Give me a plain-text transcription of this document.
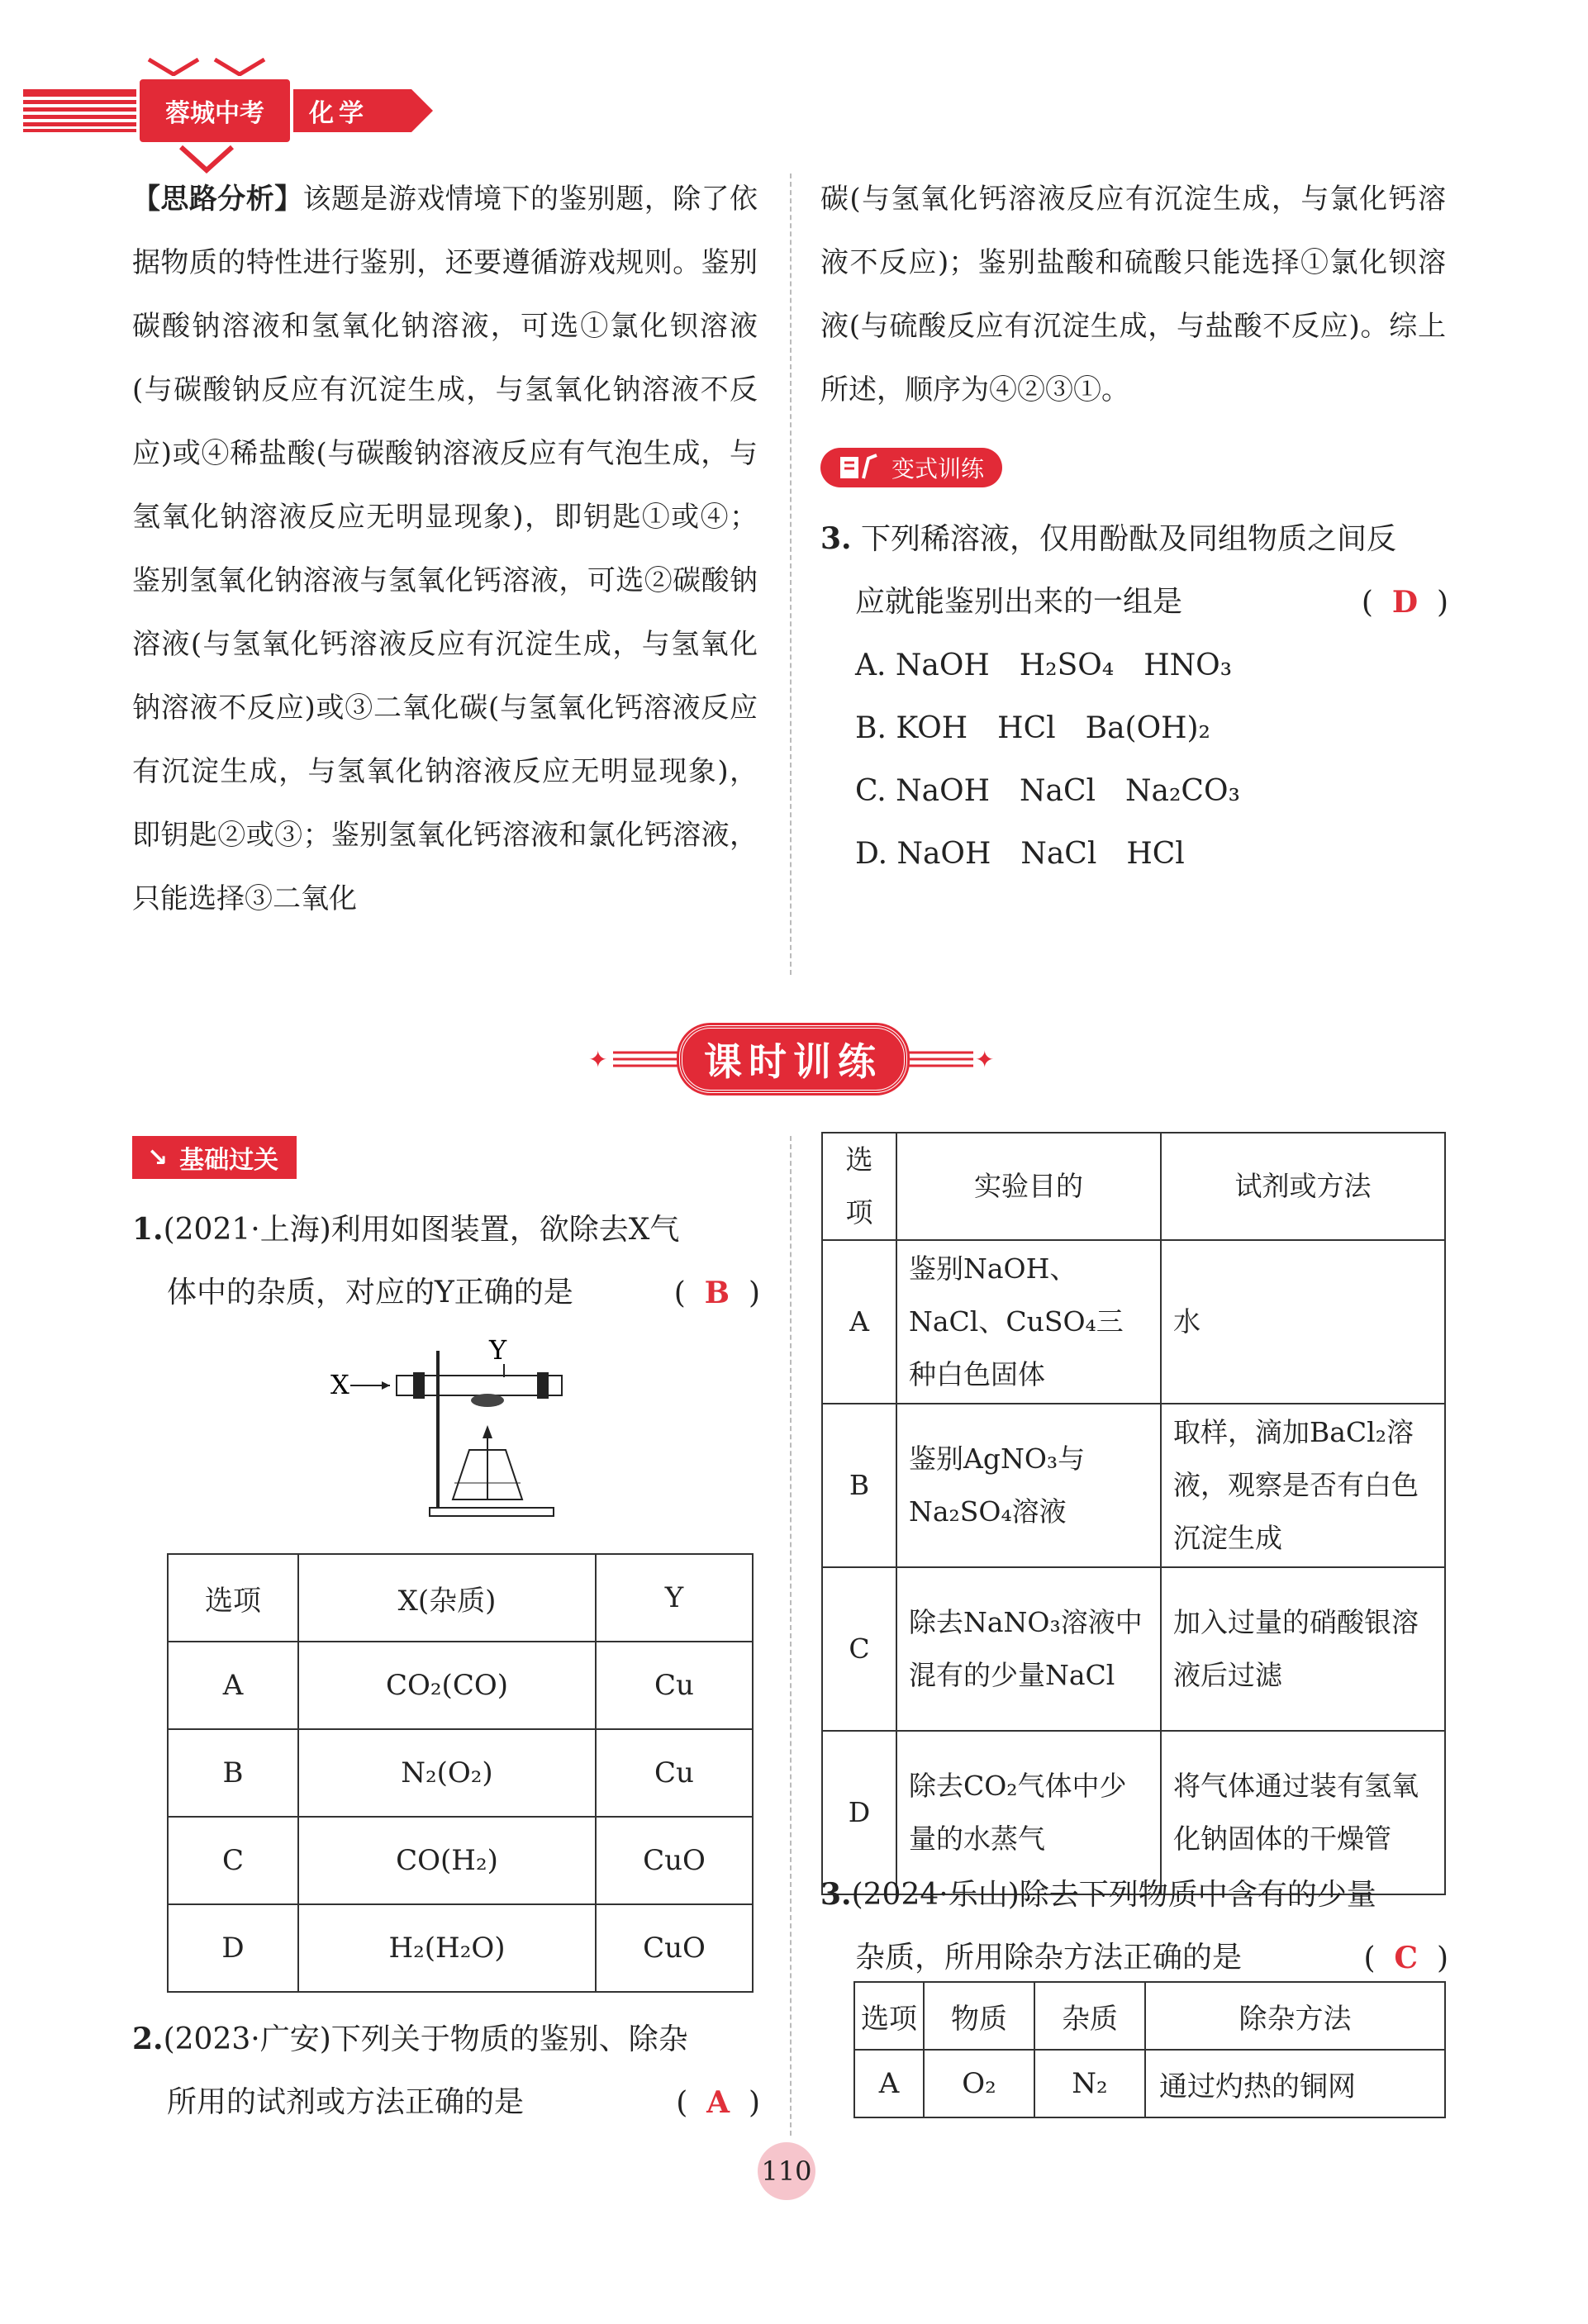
蓉城中考	化学
【思路分析】该题是游戏情境下的鉴别题，除了依据物质的特性进行鉴别，还要遵循游戏规则。鉴别碳酸钠溶液和氢氧化钠溶液，可选①氯化钡溶液(与碳酸钠反应有沉淀生成，与氢氧化钠溶液不反应)或④稀盐酸(与碳酸钠溶液反应有气泡生成，与氢氧化钠溶液反应无明显现象)，即钥匙①或④；鉴别氢氧化钠溶液与氢氧化钙溶液，可选②碳酸钠溶液(与氢氧化钙溶液反应有沉淀生成，与氢氧化钠溶液不反应)或③二氧化碳(与氢氧化钙溶液反应有沉淀生成，与氢氧化钠溶液反应无明显现象)，即钥匙②或③；鉴别氢氧化钙溶液和氯化钙溶液，只能选择③二氧化
碳(与氢氧化钙溶液反应有沉淀生成，与氯化钙溶液不反应)；鉴别盐酸和硫酸只能选择①氯化钡溶液(与硫酸反应有沉淀生成，与盐酸不反应)。综上所述，顺序为④②③①。
变式训练
3. 下列稀溶液，仅用酚酞及同组物质之间反
应就能鉴别出来的一组是	(  D  )
A. NaOH　H₂SO₄　HNO₃
B. KOH　HCl　Ba(OH)₂
C. NaOH　NaCl　Na₂CO₃
D. NaOH　NaCl　HCl
✦	课时训练	✦
↘ 基础过关
1.(2021·上海)利用如图装置，欲除去X气
体中的杂质，对应的Y正确的是	(  B  )
X
Y
选项	X(杂质)	Y
A	CO₂(CO)	Cu
B	N₂(O₂)	Cu
C	CO(H₂)	CuO
D	H₂(H₂O)	CuO
2.(2023·广安)下列关于物质的鉴别、除杂
所用的试剂或方法正确的是	(  A  )
选项	实验目的	试剂或方法
A	鉴别NaOH、NaCl、CuSO₄三种白色固体	水
B	鉴别AgNO₃与Na₂SO₄溶液	取样，滴加BaCl₂溶液，观察是否有白色沉淀生成
C	除去NaNO₃溶液中混有的少量NaCl	加入过量的硝酸银溶液后过滤
D	除去CO₂气体中少量的水蒸气	将气体通过装有氢氧化钠固体的干燥管
3.(2024·乐山)除去下列物质中含有的少量
杂质，所用除杂方法正确的是	(  C  )
选项	物质	杂质	除杂方法
A	O₂	N₂	通过灼热的铜网
110
